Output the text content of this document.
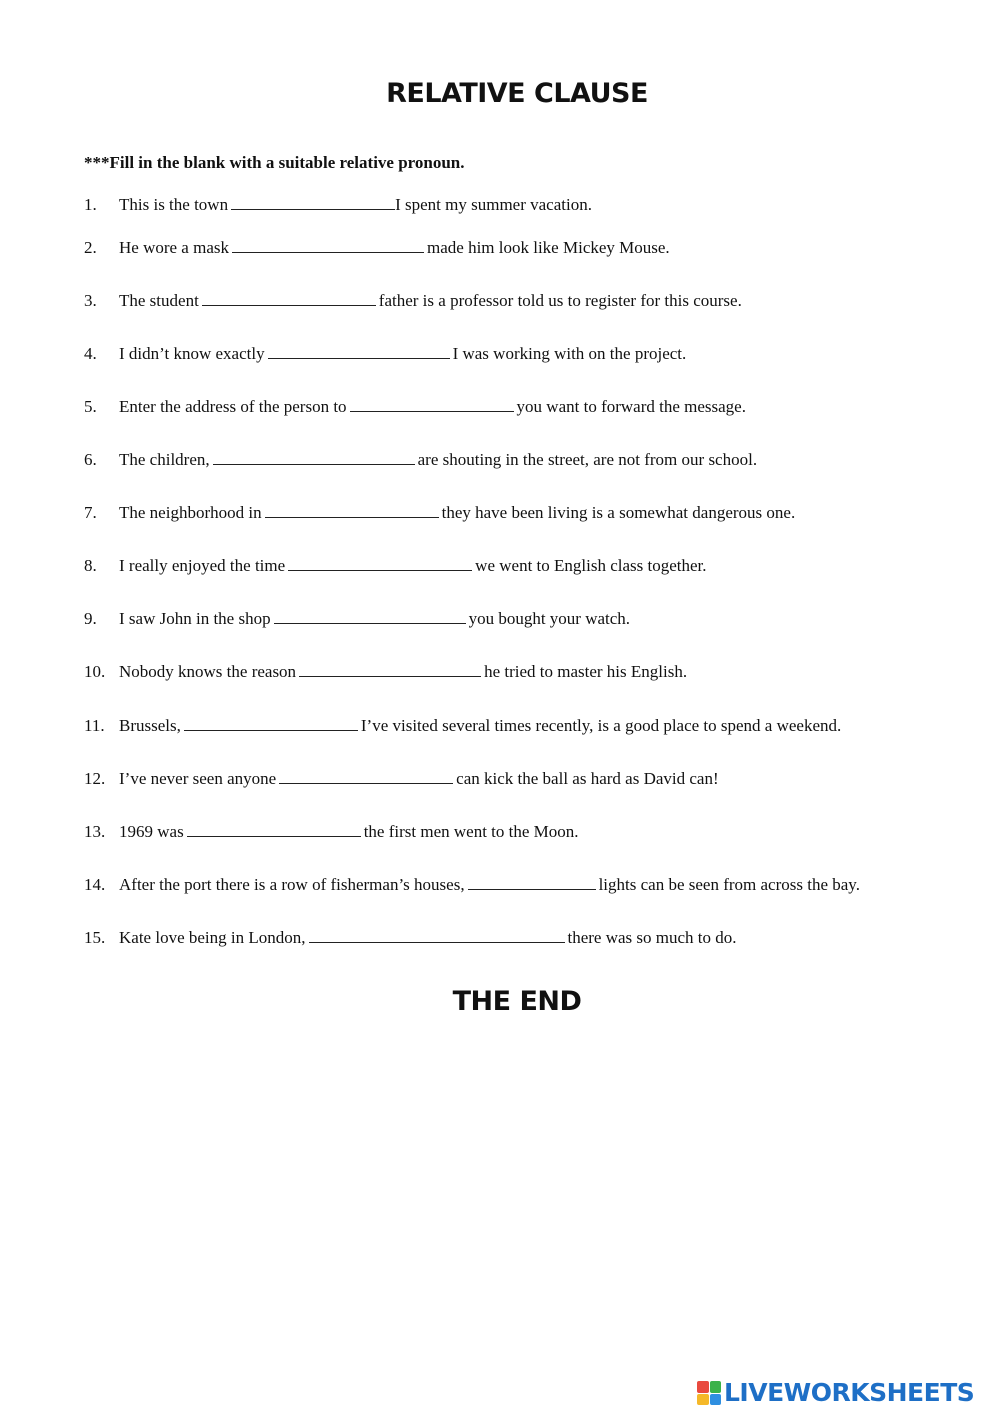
RELATIVE CLAUSE
***Fill in the blank with a suitable relative pronoun.
1. This is the town	I spent my summer vacation.
2. He wore a mask	made him look like Mickey Mouse.
3. The student	father is a professor told us to register for this course.
4. I didn’t know exactly	I was working with on the project.
5. Enter the address of the person to	you want to forward the message.
6. The children,	are shouting in the street, are not from our school.
7. The neighborhood in	they have been living is a somewhat dangerous one.
8. I really enjoyed the time	we went to English class together.
9. I saw John in the shop	you bought your watch.
10. Nobody knows the reason	he tried to master his English.
11. Brussels,	I’ve visited several times recently, is a good place to spend a weekend.
12. I’ve never seen anyone	can kick the ball as hard as David can!
13. 1969 was	the first men went to the Moon.
14. After the port there is a row of fisherman’s houses,	lights can be seen from across the bay.
15. Kate love being in London,	there was so much to do.
THE END
LIVEWORKSHEETS
